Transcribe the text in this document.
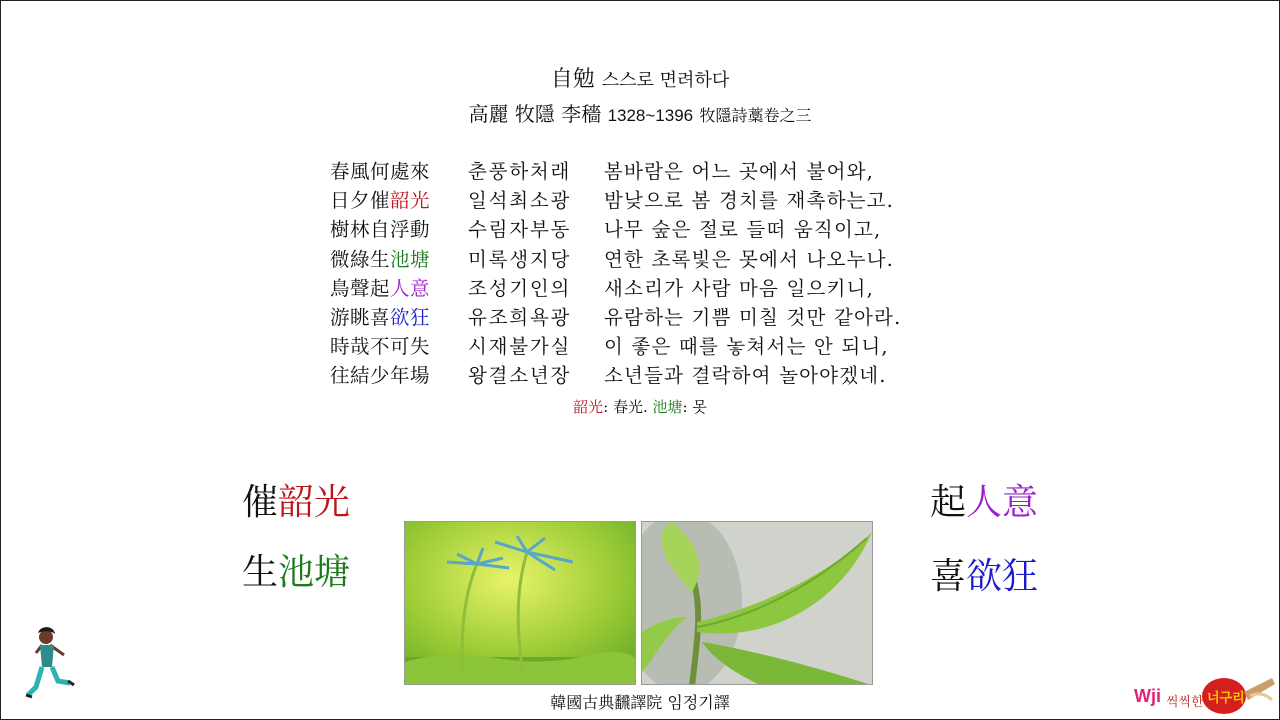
自勉 스스로 면려하다
高麗 牧隱 李穡 1328~1396 牧隱詩藁卷之三
春風何處來 춘풍하처래 봄바람은 어느 곳에서 불어와,
日夕催韶光 일석최소광 밤낮으로 봄 경치를 재촉하는고.
樹林自浮動 수림자부동 나무 숲은 절로 들떠 움직이고,
微綠生池塘 미록생지당 연한 초록빛은 못에서 나오누나.
鳥聲起人意 조성기인의 새소리가 사람 마음 일으키니,
游眺喜欲狂 유조희욕광 유람하는 기쁨 미칠 것만 같아라.
時哉不可失 시재불가실 이 좋은 때를 놓쳐서는 안 되니,
往結少年場 왕결소년장 소년들과 결락하여 놀아야겠네.
韶光: 春光. 池塘: 못
催韶光
生池塘
起人意
喜欲狂
韓國古典飜譯院 임정기譯	Wji 씩씩한 너구리
